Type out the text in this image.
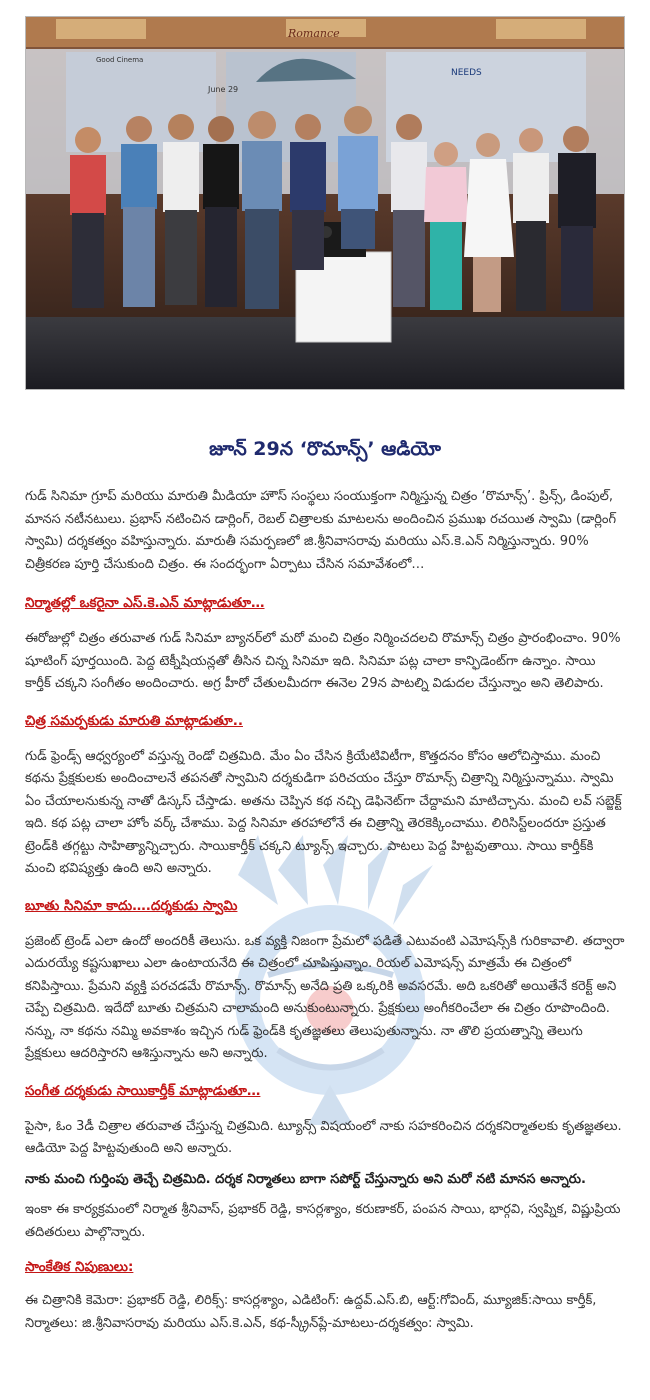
NEEDS
June 29
Good Cinema
Romance
జూన్ 29న ‘రొమాన్స్’ ఆడియో

గుడ్ సినిమా గ్రూప్ మరియు మారుతి మీడియా హౌస్ సంస్థలు సంయుక్తంగా నిర్మిస్తున్న చిత్రం ‘రొమాన్స్’. ప్రిన్స్, డింపుల్, మానస నటీనటులు. ప్రభాస్ నటించిన డార్లింగ్, రెబల్ చిత్రాలకు మాటలను అందించిన ప్రముఖ రచయిత స్వామి (డార్లింగ్ స్వామి) దర్శకత్వం వహిస్తున్నారు. మారుతీ సమర్పణలో జి.శ్రీనివాసరావు మరియు ఎస్.కె.ఎన్ నిర్మిస్తున్నారు. 90% చిత్రీకరణ పూర్తి చేసుకుంది చిత్రం. ఈ సందర్భంగా ఏర్పాటు చేసిన సమావేశంలో…

నిర్మాతల్లో ఒకరైనా ఎస్.కె.ఎన్ మాట్లాడుతూ…

ఈరోజుల్లో చిత్రం తరువాత గుడ్ సినిమా బ్యానర్‌లో మరో మంచి చిత్రం నిర్మించదలచి రొమాన్స్ చిత్రం ప్రారంభించాం. 90% షూటింగ్ పూర్తయింది. పెద్ద టెక్నీషియన్లతో తీసిన చిన్న సినిమా ఇది. సినిమా పట్ల చాలా కాన్ఫిడెంట్‌గా ఉన్నాం. సాయి కార్తీక్ చక్కని సంగీతం అందించారు. అగ్ర హీరో చేతులమీదగా ఈనెల 29న పాటల్ని విడుదల చేస్తున్నాం అని తెలిపారు.

చిత్ర సమర్పకుడు మారుతి మాట్లాడుతూ..

గుడ్ ఫ్రెండ్స్ ఆధ్వర్యంలో వస్తున్న రెండో చిత్రమిది. మేం ఏం చేసిన క్రియేటివిటీగా, కొత్తదనం కోసం ఆలోచిస్తాము. మంచి కథను ప్రేక్షకులకు అందించాలనే తపనతో స్వామిని దర్శకుడిగా పరిచయం చేస్తూ రొమాన్స్ చిత్రాన్ని నిర్మిస్తున్నాము. స్వామి ఏం చేయాలనుకున్న నాతో డిస్కస్ చేస్తాడు. అతను చెప్పిన కథ నచ్చి డెఫినెట్‌గా చేద్దామని మాటిచ్చాను. మంచి లవ్ సబ్జెక్ట్ ఇది. కథ పట్ల చాలా హోం వర్క్ చేశాము. పెద్ద సినిమా తరహాలోనే ఈ చిత్రాన్ని తెరకెక్కించాము. లిరిసిస్ట్‌లందరూ ప్రస్తుత ట్రెండ్‌కి తగ్గట్టు సాహిత్యాన్నిచ్చారు. సాయికార్తీక్ చక్కని ట్యూన్స్ ఇచ్చారు. పాటలు పెద్ద హిట్టవుతాయి. సాయి కార్తీక్‌కి మంచి భవిష్యత్తు ఉంది అని అన్నారు.

బూతు సినిమా కాదు….దర్శకుడు స్వామి

ప్రజెంట్ ట్రెండ్ ఎలా ఉందో అందరికీ తెలుసు. ఒక వ్యక్తి నిజంగా ప్రేమలో పడితే ఎటువంటి ఎమోషన్స్‌కి గురికావాలి. తద్వారా ఎదురయ్యే కష్టసుఖాలు ఎలా ఉంటాయనేది ఈ చిత్రంలో చూపిస్తున్నాం. రియల్ ఎమోషన్స్ మాత్రమే ఈ చిత్రంలో కనిపిస్తాయి. ప్రేమని వ్యక్తి పరచడమే రొమాన్స్. రొమాన్స్ అనేది ప్రతి ఒక్కరికి అవసరమే. అది ఒకరితో అయితేనే కరెక్ట్ అని చెప్పే చిత్రమిది. ఇదేదో బూతు చిత్రమని చాలామంది అనుకుంటున్నారు. ప్రేక్షకులు అంగీకరించేలా ఈ చిత్రం రూపొందింది. నన్ను, నా కథను నమ్మి అవకాశం ఇచ్చిన గుడ్ ఫ్రెండ్‌కి కృతజ్ఞతలు తెలుపుతున్నాను. నా తొలి ప్రయత్నాన్ని తెలుగు ప్రేక్షకులు ఆదరిస్తారని ఆశిస్తున్నాను అని అన్నారు.

సంగీత దర్శకుడు సాయికార్తీక్ మాట్లాడుతూ…

పైసా, ఓం 3డీ చిత్రాల తరువాత చేస్తున్న చిత్రమిది. ట్యూన్స్ విషయంలో నాకు సహకరించిన దర్శకనిర్మాతలకు కృతజ్ఞతలు. ఆడియో పెద్ద హిట్టవుతుంది అని అన్నారు.

నాకు మంచి గుర్తింపు తెచ్చే చిత్రమిది. దర్శక నిర్మాతలు బాగా సపోర్ట్ చేస్తున్నారు అని మరో నటి మానస అన్నారు.

ఇంకా ఈ కార్యక్రమంలో నిర్మాత శ్రీనివాస్, ప్రభాకర్ రెడ్డి, కాసర్లశ్యాం, కరుణాకర్, పంపన సాయి, భార్గవి, స్వప్నిక, విష్ణుప్రియ తదితరులు పాల్గొన్నారు.

సాంకేతిక నిపుణులు:

ఈ చిత్రానికి కెమెరా: ప్రభాకర్ రెడ్డి, లిరిక్స్: కాసర్లశ్యాం, ఎడిటింగ్: ఉద్దవ్.ఎస్.బి, ఆర్ట్:గోవింద్, మ్యూజిక్:సాయి కార్తీక్, నిర్మాతలు: జి.శ్రీనివాసరావు మరియు ఎస్.కె.ఎన్, కథ-స్క్రీన్‌ప్లే-మాటలు-దర్శకత్వం: స్వామి.
